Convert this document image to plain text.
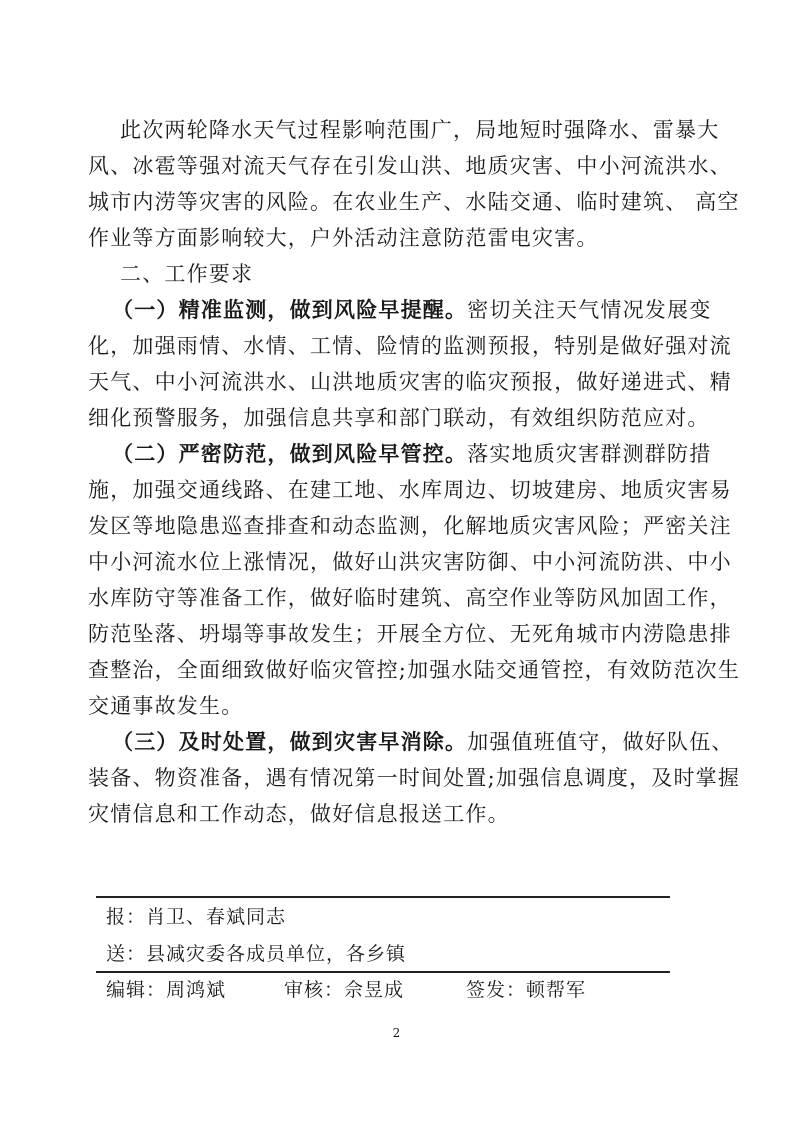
此次两轮降水天气过程影响范围广，局地短时强降水、雷暴大
风、冰雹等强对流天气存在引发山洪、地质灾害、中小河流洪水、
城市内涝等灾害的风险。在农业生产、水陆交通、临时建筑、 高空
作业等方面影响较大，户外活动注意防范雷电灾害。
二、工作要求
（一）精准监测，做到风险早提醒。密切关注天气情况发展变
化，加强雨情、水情、工情、险情的监测预报，特别是做好强对流
天气、中小河流洪水、山洪地质灾害的临灾预报，做好递进式、精
细化预警服务，加强信息共享和部门联动，有效组织防范应对。
（二）严密防范，做到风险早管控。落实地质灾害群测群防措
施，加强交通线路、在建工地、水库周边、切坡建房、地质灾害易
发区等地隐患巡查排查和动态监测，化解地质灾害风险；严密关注
中小河流水位上涨情况，做好山洪灾害防御、中小河流防洪、中小
水库防守等准备工作，做好临时建筑、高空作业等防风加固工作，
防范坠落、坍塌等事故发生；开展全方位、无死角城市内涝隐患排
查整治，全面细致做好临灾管控;加强水陆交通管控，有效防范次生
交通事故发生。
（三）及时处置，做到灾害早消除。加强值班值守，做好队伍、
装备、物资准备，遇有情况第一时间处置;加强信息调度，及时掌握
灾情信息和工作动态，做好信息报送工作。
报：肖卫、春斌同志
送：县减灾委各成员单位，各乡镇
编辑：周鸿斌	审核：佘昱成	签发：顿帮军
2
